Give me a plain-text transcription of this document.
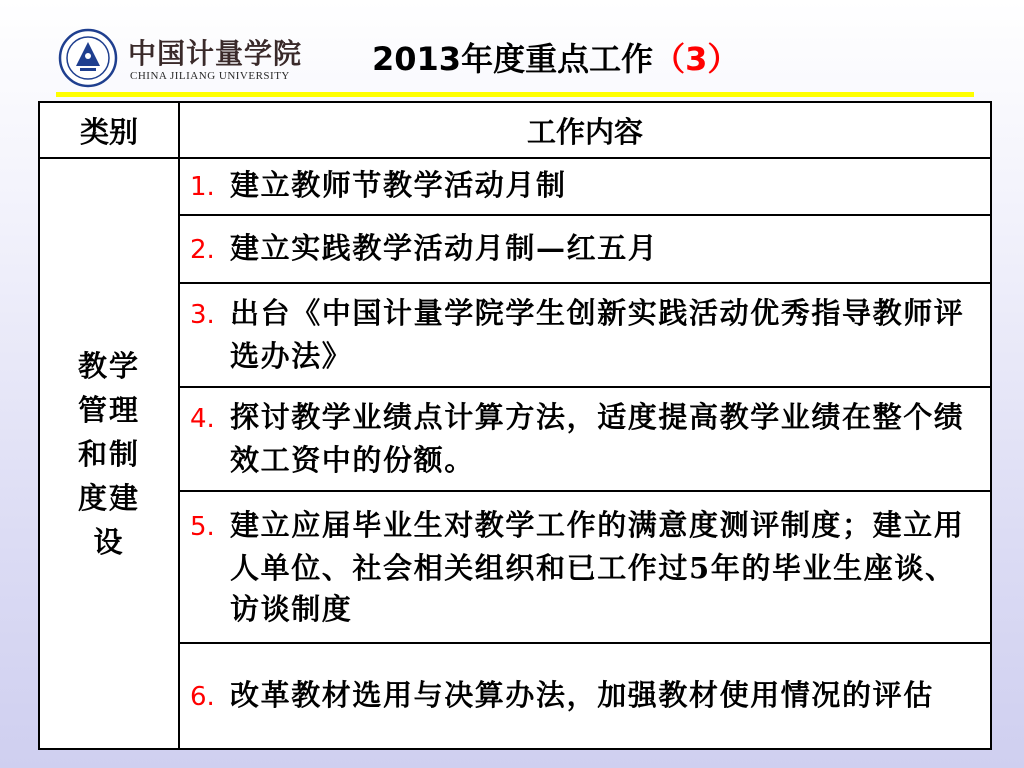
中国计量学院
CHINA JILIANG UNIVERSITY	2013年度重点工作（3）
类别	工作内容
教学管理和制度建设	1. 建立教师节教学活动月制

	2. 建立实践教学活动月制—红五月

	3. 出台《中国计量学院学生创新实践活动优秀指导教师评选办法》

	4. 探讨教学业绩点计算方法，适度提高教学业绩在整个绩效工资中的份额。

	5. 建立应届毕业生对教学工作的满意度测评制度；建立用人单位、社会相关组织和已工作过5年的毕业生座谈、访谈制度

	6. 改革教材选用与决算办法，加强教材使用情况的评估
